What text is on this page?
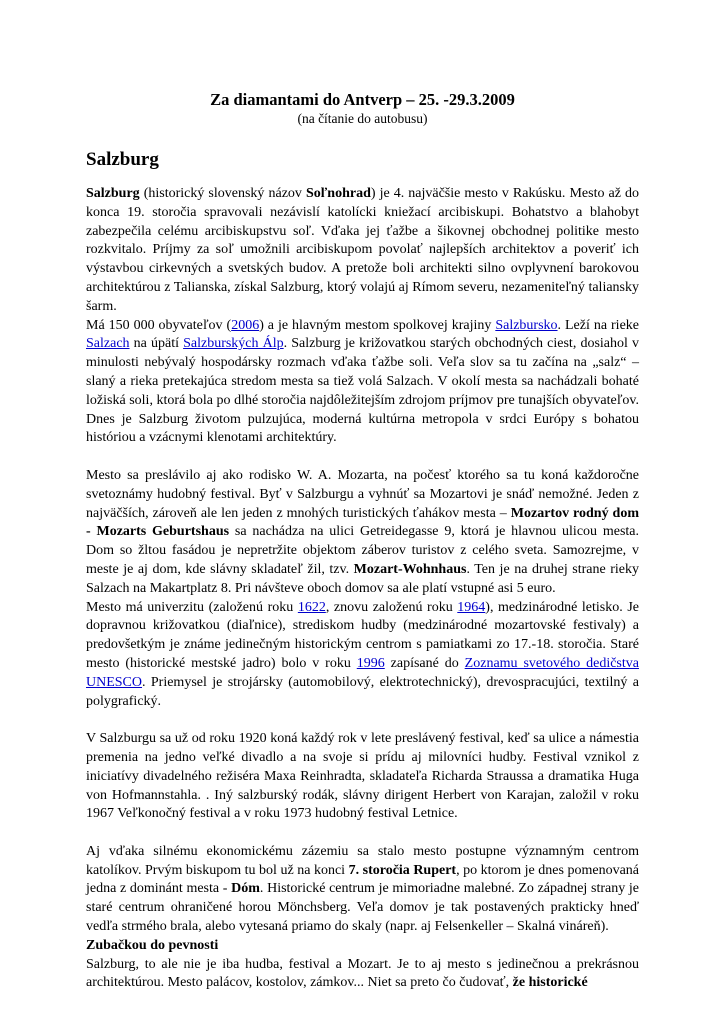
Za diamantami do Antverp – 25. -29.3.2009
(na čítanie do autobusu)
Salzburg

Salzburg (historický slovenský názov Soľnohrad) je 4. najväčšie mesto v Rakúsku. Mesto až do konca 19. storočia spravovali nezávislí katolícki kniežací arcibiskupi. Bohatstvo a blahobyt zabezpečila celému arcibiskupstvu soľ. Vďaka jej ťažbe a šikovnej obchodnej politike mesto rozkvitalo. Príjmy za soľ umožnili arcibiskupom povolať najlepších architektov a poveriť ich výstavbou cirkevných a svetských budov. A pretože boli architekti silno ovplyvnení barokovou architektúrou z Talianska, získal Salzburg, ktorý volajú aj Rímom severu, nezameniteľný taliansky šarm.

Má 150 000 obyvateľov (2006) a je hlavným mestom spolkovej krajiny Salzbursko. Leží na rieke Salzach na úpätí Salzburských Álp. Salzburg je križovatkou starých obchodných ciest, dosiahol v minulosti nebývalý hospodársky rozmach vďaka ťažbe soli. Veľa slov sa tu začína na „salz“ – slaný a rieka pretekajúca stredom mesta sa tiež volá Salzach. V okolí mesta sa nachádzali bohaté ložiská soli, ktorá bola po dlhé storočia najdôležitejším zdrojom príjmov pre tunajších obyvateľov. Dnes je Salzburg životom pulzujúca, moderná kultúrna metropola v srdci Európy s bohatou históriou a vzácnymi klenotami architektúry.

Mesto sa preslávilo aj ako rodisko W. A. Mozarta, na počesť ktorého sa tu koná každoročne svetoznámy hudobný festival. Byť v Salzburgu a vyhnúť sa Mozartovi je snáď nemožné. Jeden z najväčších, zároveň ale len jeden z mnohých turistických ťahákov mesta – Mozartov rodný dom - Mozarts Geburtshaus sa nachádza na ulici Getreidegasse 9, ktorá je hlavnou ulicou mesta. Dom so žltou fasádou je nepretržite objektom záberov turistov z celého sveta. Samozrejme, v meste je aj dom, kde slávny skladateľ žil, tzv. Mozart-Wohnhaus. Ten je na druhej strane rieky Salzach na Makartplatz 8. Pri návšteve oboch domov sa ale platí vstupné asi 5 euro.

Mesto má univerzitu (založenú roku 1622, znovu založenú roku 1964), medzinárodné letisko. Je dopravnou križovatkou (diaľnice), strediskom hudby (medzinárodné mozartovské festivaly) a predovšetkým je známe jedinečným historickým centrom s pamiatkami zo 17.-18. storočia. Staré mesto (historické mestské jadro) bolo v roku 1996 zapísané do Zoznamu svetového dedičstva UNESCO. Priemysel je strojársky (automobilový, elektrotechnický), drevospracujúci, textilný a polygrafický.

V Salzburgu sa už od roku 1920 koná každý rok v lete preslávený festival, keď sa ulice a námestia premenia na jedno veľké divadlo a na svoje si prídu aj milovníci hudby. Festival vznikol z iniciatívy divadelného režiséra Maxa Reinhradta, skladateľa Richarda Straussa a dramatika Huga von Hofmannstahla. . Iný salzburský rodák, slávny dirigent Herbert von Karajan, založil v roku 1967 Veľkonočný festival a v roku 1973 hudobný festival Letnice.

Aj vďaka silnému ekonomickému zázemiu sa stalo mesto postupne významným centrom katolíkov. Prvým biskupom tu bol už na konci 7. storočia Rupert, po ktorom je dnes pomenovaná jedna z dominánt mesta - Dóm. Historické centrum je mimoriadne malebné. Zo západnej strany je staré centrum ohraničené horou Mönchsberg. Veľa domov je tak postavených prakticky hneď vedľa strmého brala, alebo vytesaná priamo do skaly (napr. aj Felsenkeller – Skalná vináreň).

Zubačkou do pevnosti

Salzburg, to ale nie je iba hudba, festival a Mozart. Je to aj mesto s jedinečnou a prekrásnou architektúrou. Mesto palácov, kostolov, zámkov... Niet sa preto čo čudovať, že historické
